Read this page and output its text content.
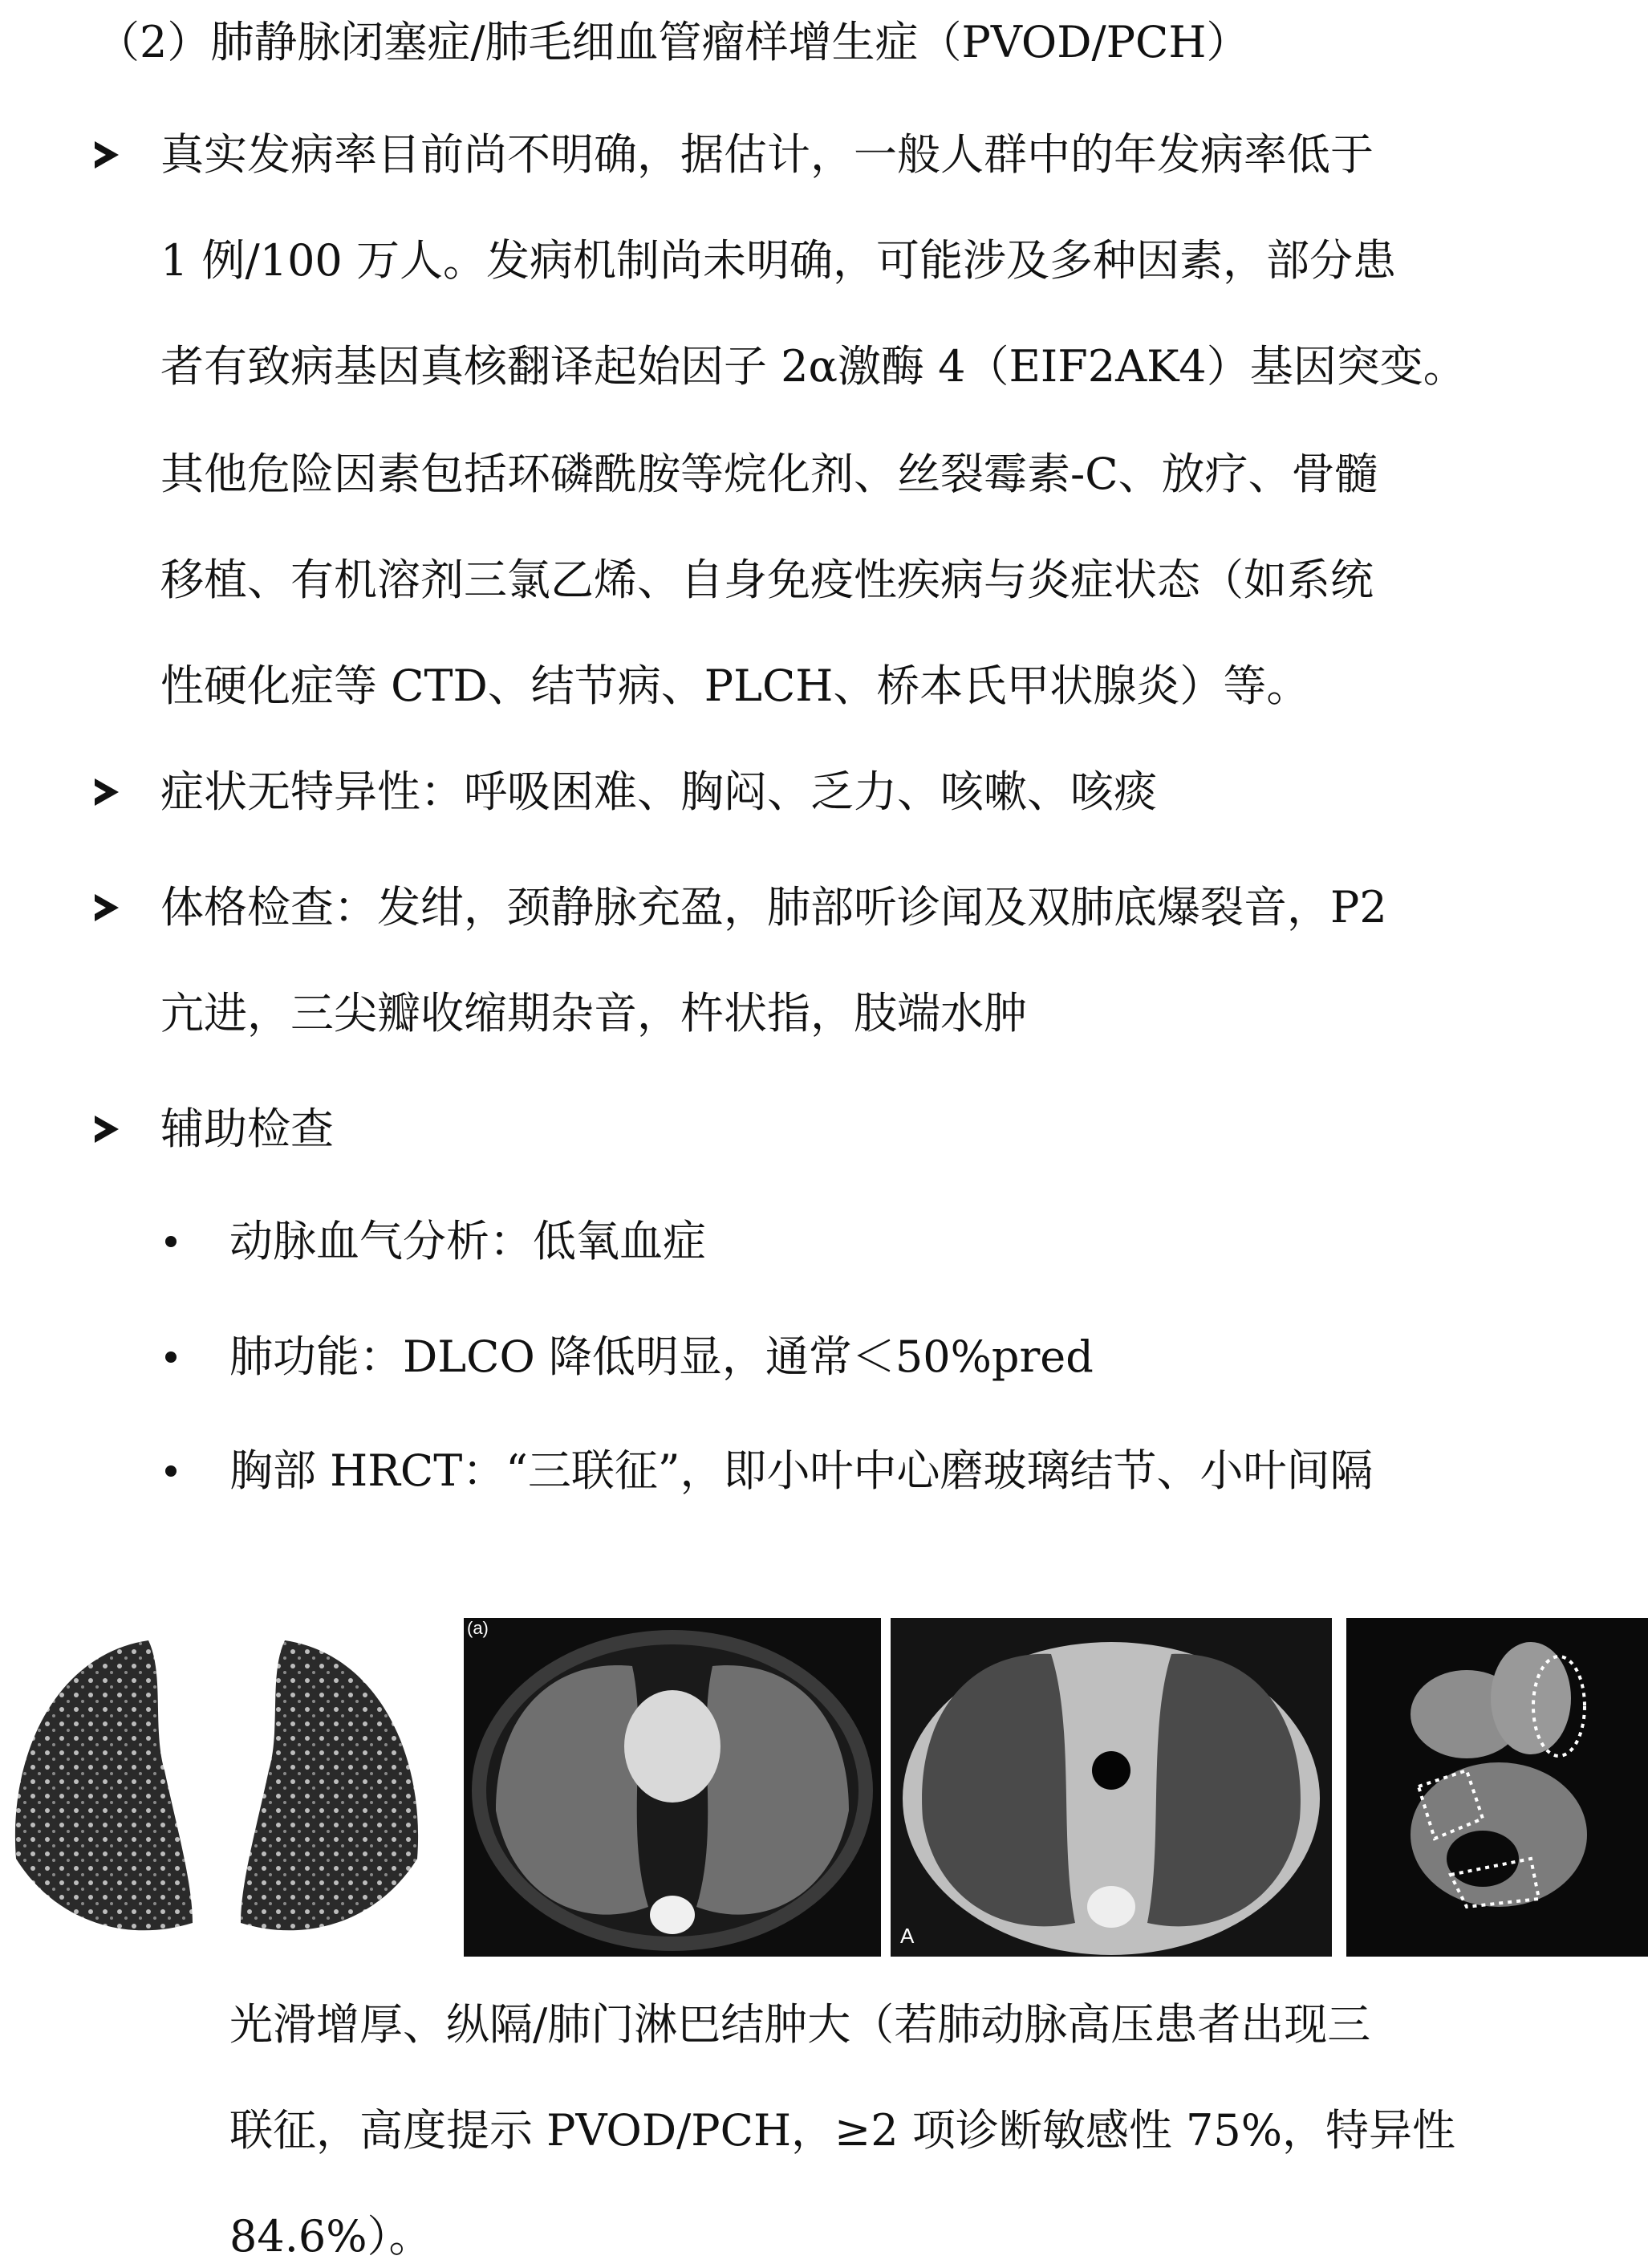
（2）肺静脉闭塞症/肺毛细血管瘤样增生症（PVOD/PCH）
真实发病率目前尚不明确，据估计，一般人群中的年发病率低于
1 例/100 万人。发病机制尚未明确，可能涉及多种因素，部分患
者有致病基因真核翻译起始因子 2α激酶 4（EIF2AK4）基因突变。
其他危险因素包括环磷酰胺等烷化剂、丝裂霉素-C、放疗、骨髓
移植、有机溶剂三氯乙烯、自身免疫性疾病与炎症状态（如系统
性硬化症等 CTD、结节病、PLCH、桥本氏甲状腺炎）等。
症状无特异性：呼吸困难、胸闷、乏力、咳嗽、咳痰
体格检查：发绀，颈静脉充盈，肺部听诊闻及双肺底爆裂音，P2
亢进，三尖瓣收缩期杂音，杵状指，肢端水肿
辅助检查
动脉血气分析：低氧血症
肺功能：DLCO 降低明显，通常＜50%pred
胸部 HRCT：“三联征”，即小叶中心磨玻璃结节、小叶间隔
(a)
A
光滑增厚、纵隔/肺门淋巴结肿大（若肺动脉高压患者出现三
联征，高度提示 PVOD/PCH，≥2 项诊断敏感性 75%，特异性
84.6%）。
